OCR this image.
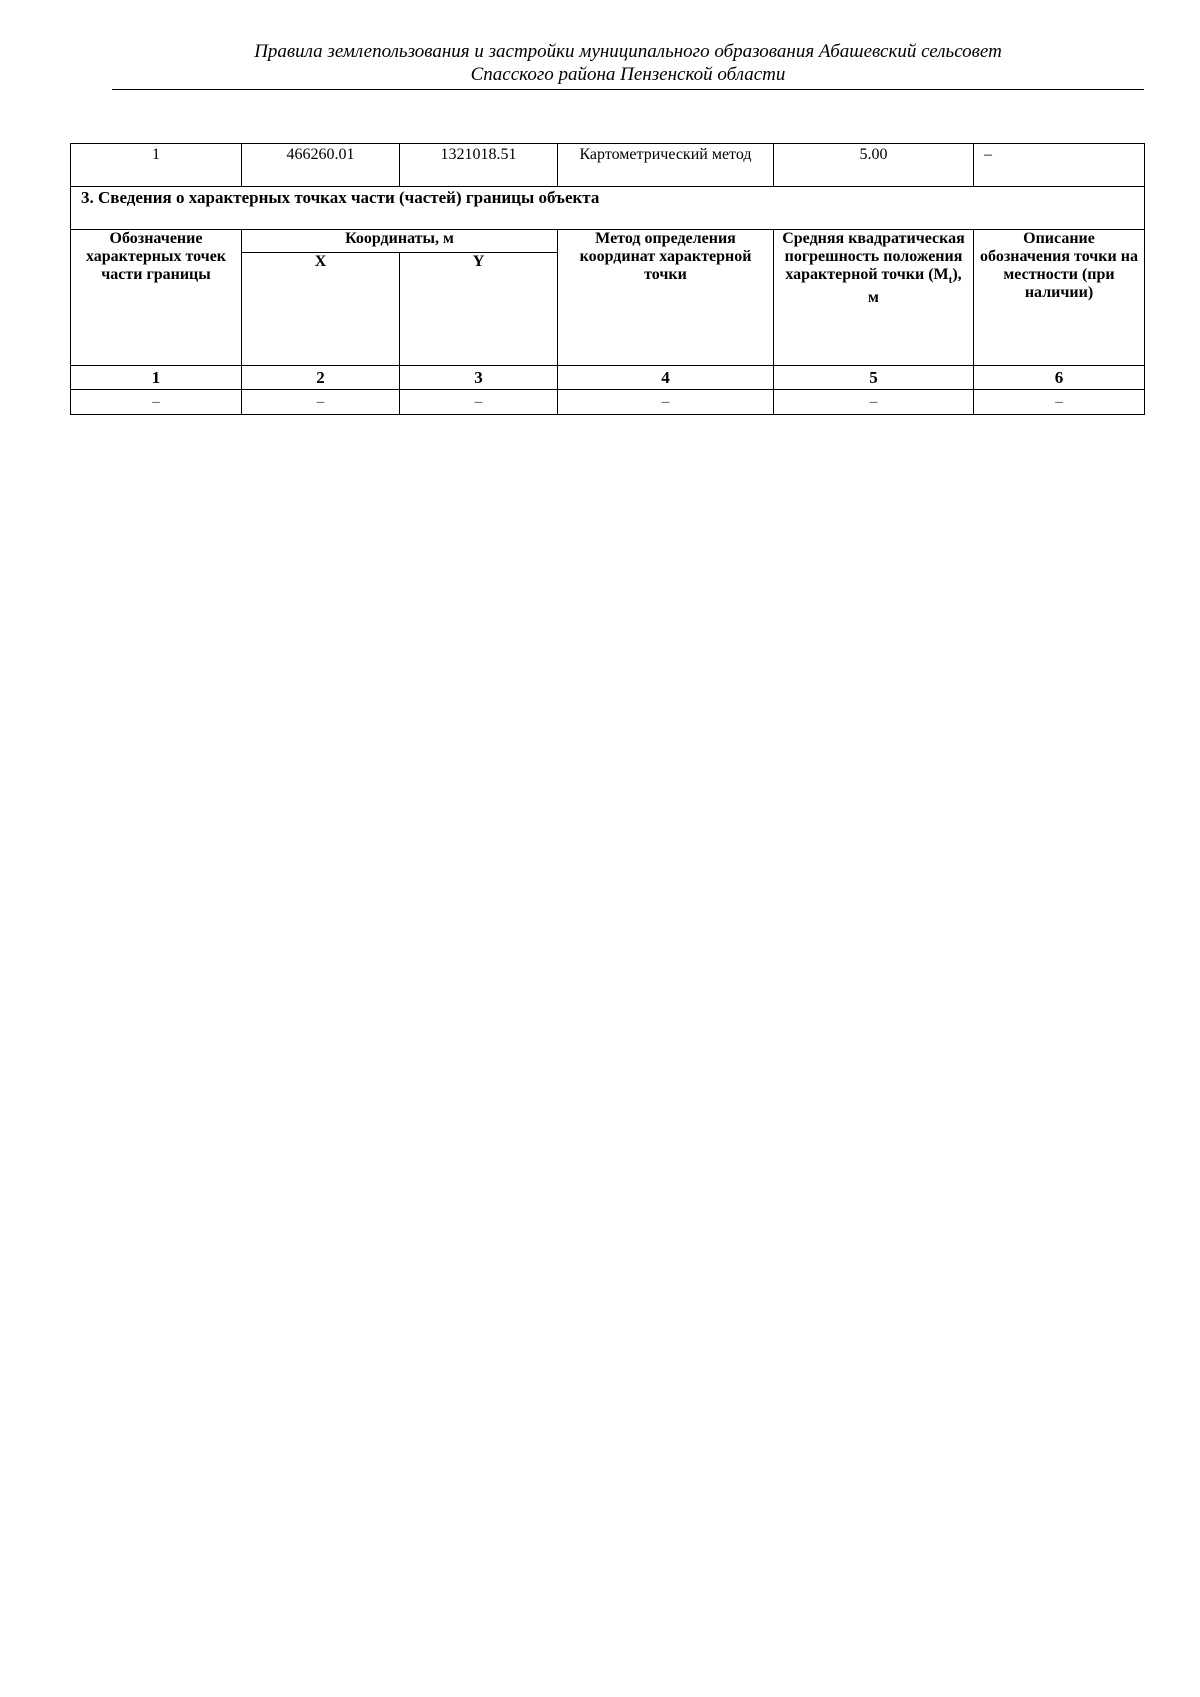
Правила землепользования и застройки муниципального образования Абашевский сельсовет
Спасского района Пензенской области
1	466260.01	1321018.51	Картометрический метод	5.00	–
3. Сведения о характерных точках части (частей) границы объекта					
Обозначение характерных точек части границы	Координаты, м		Метод определения координат характерной точки	Средняя квадратическая погрешность положения характерной точки $(M_t)$, м	Описание обозначения точки на местности (при наличии)
	X	Y			
1	2	3	4	5	6
–	–	–	–	–	–
